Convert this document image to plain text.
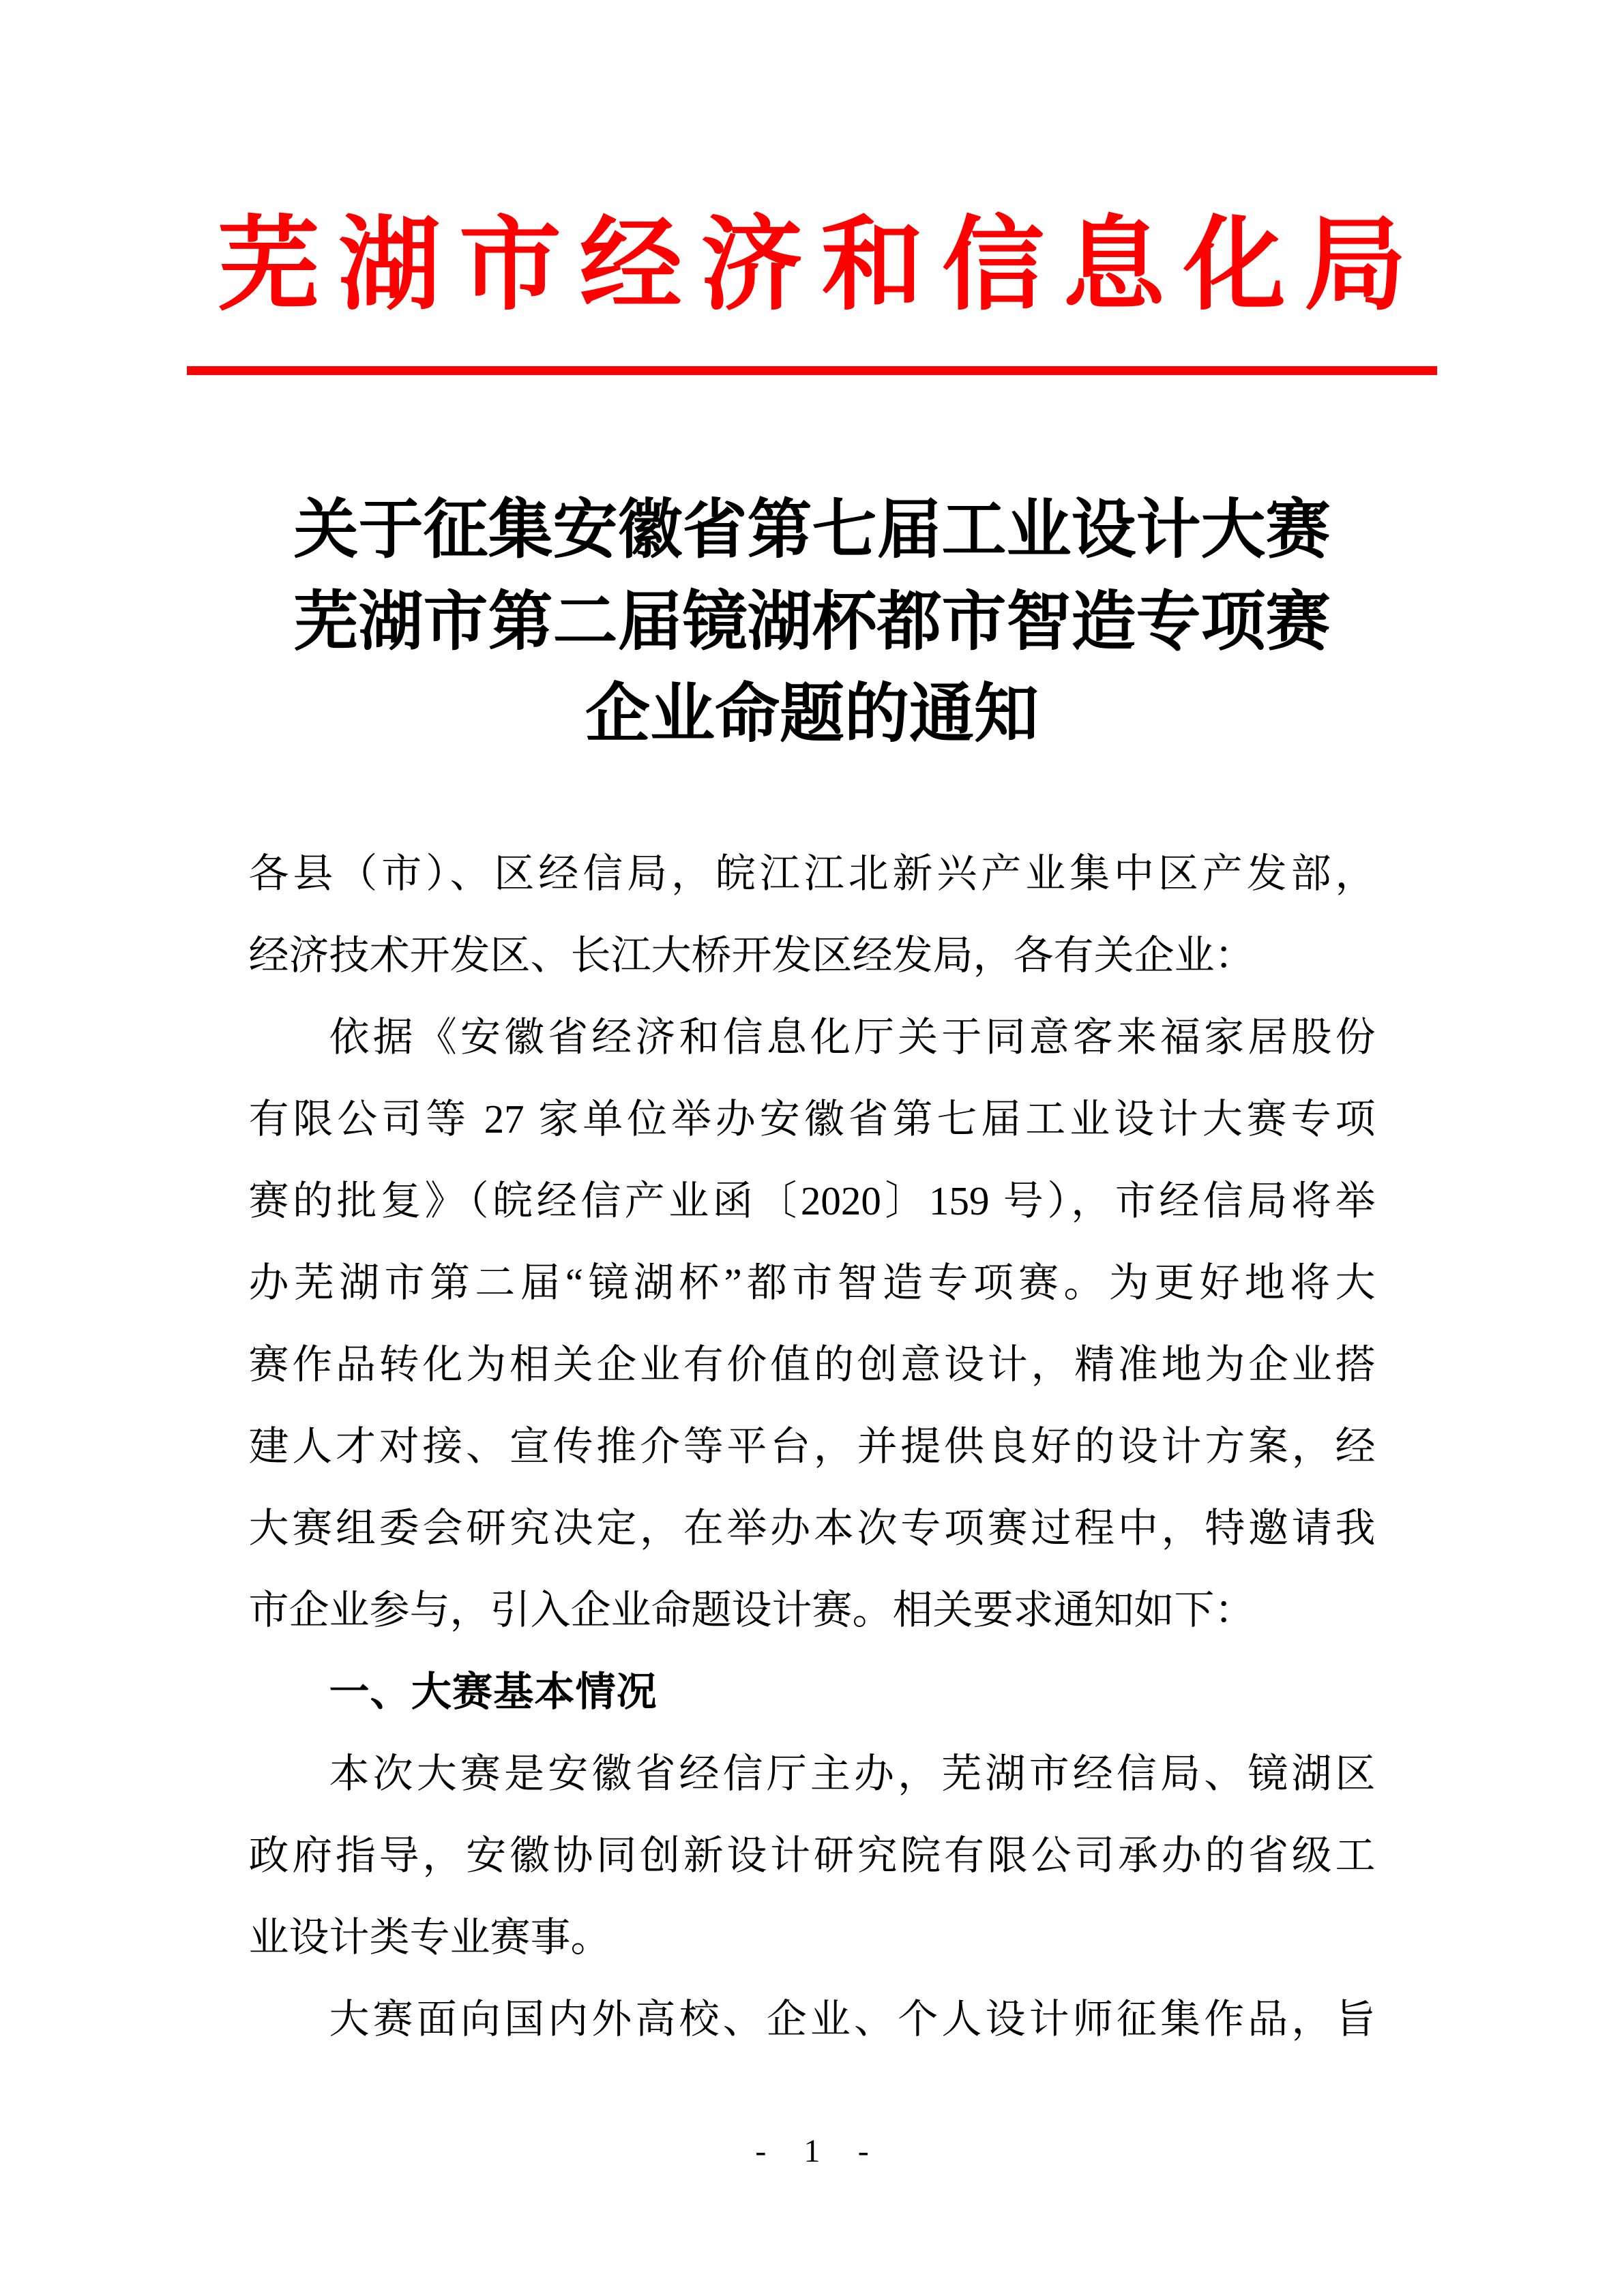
芜湖市经济和信息化局
关于征集安徽省第七届工业设计大赛
芜湖市第二届镜湖杯都市智造专项赛
企业命题的通知
各县（市）、区经信局，皖江江北新兴产业集中区产发部，
经济技术开发区、长江大桥开发区经发局，各有关企业：
依据《安徽省经济和信息化厅关于同意客来福家居股份
有限公司等 27 家单位举办安徽省第七届工业设计大赛专项
赛的批复》（皖经信产业函〔2020〕159 号），市经信局将举
办芜湖市第二届“镜湖杯”都市智造专项赛。为更好地将大
赛作品转化为相关企业有价值的创意设计，精准地为企业搭
建人才对接、宣传推介等平台，并提供良好的设计方案，经
大赛组委会研究决定，在举办本次专项赛过程中，特邀请我
市企业参与，引入企业命题设计赛。相关要求通知如下：
一、大赛基本情况
本次大赛是安徽省经信厅主办，芜湖市经信局、镜湖区
政府指导，安徽协同创新设计研究院有限公司承办的省级工
业设计类专业赛事。
大赛面向国内外高校、企业、个人设计师征集作品，旨
- 1 -
